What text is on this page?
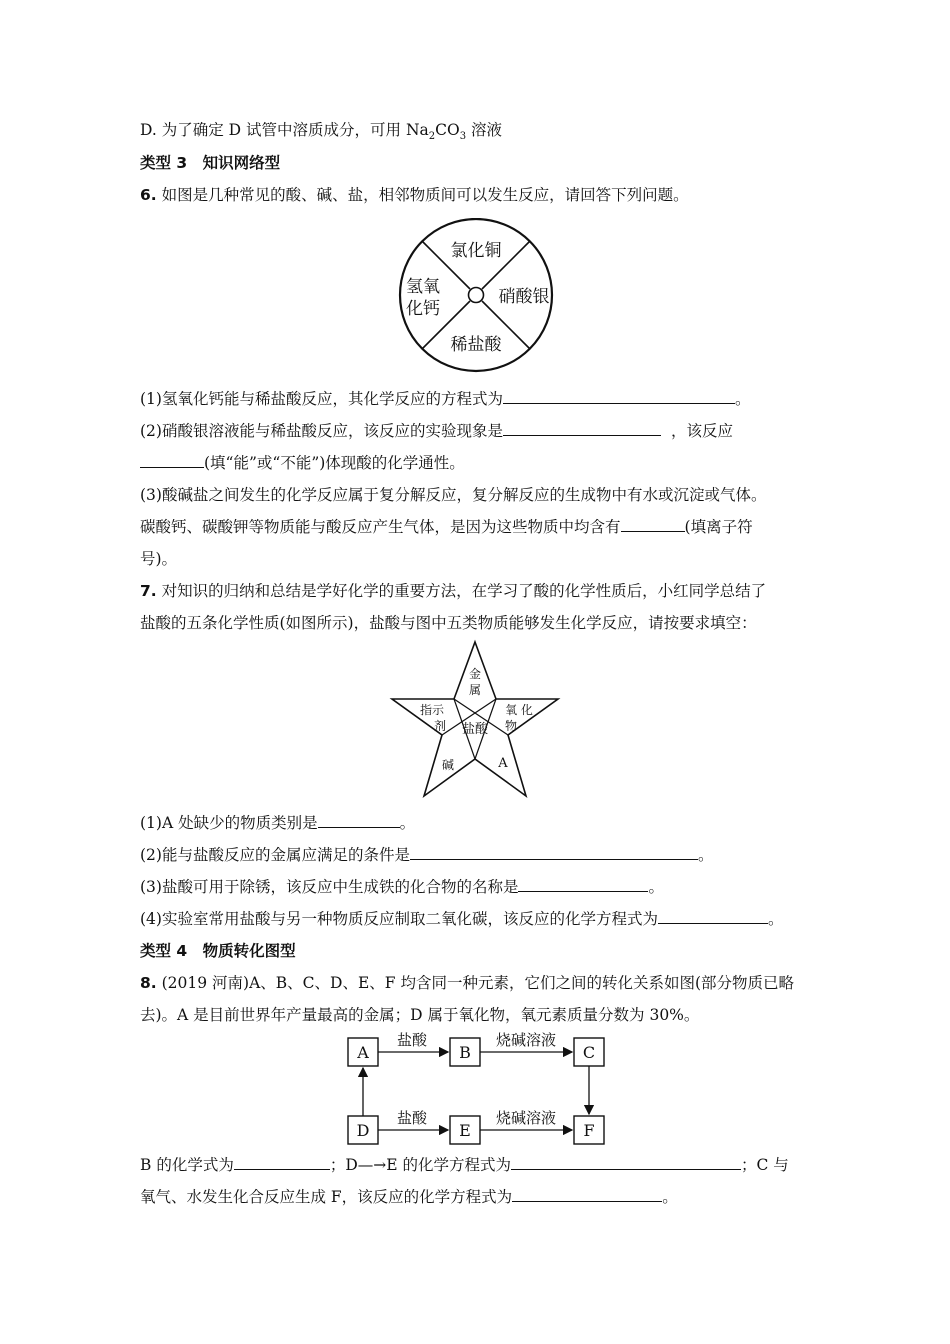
D. 为了确定 D 试管中溶质成分，可用 $Na_2CO_3$ 溶液
类型 3　知识网络型
6. 如图是几种常见的酸、碱、盐，相邻物质间可以发生反应，请回答下列问题。
氯化铜
氢氧
化钙
硝酸银
稀盐酸
(1)氢氧化钙能与稀盐酸反应，其化学反应的方程式为	。
(2)硝酸银溶液能与稀盐酸反应，该反应的实验现象是	，该反应
(填“能”或“不能”)体现酸的化学通性。
(3)酸碱盐之间发生的化学反应属于复分解反应，复分解反应的生成物中有水或沉淀或气体。
碳酸钙、碳酸钾等物质能与酸反应产生气体，是因为这些物质中均含有	(填离子符
号)。
7. 对知识的归纳和总结是学好化学的重要方法，在学习了酸的化学性质后，小红同学总结了
盐酸的五条化学性质(如图所示)，盐酸与图中五类物质能够发生化学反应，请按要求填空：
金
属
指示
剂
氧 化
物
盐酸
碱	A
(1)A 处缺少的物质类别是	。
(2)能与盐酸反应的金属应满足的条件是	。
(3)盐酸可用于除锈，该反应中生成铁的化合物的名称是	。
(4)实验室常用盐酸与另一种物质反应制取二氧化碳，该反应的化学方程式为	。
类型 4　物质转化图型
8. (2019 河南)A、B、C、D、E、F 均含同一种元素，它们之间的转化关系如图(部分物质已略
去)。A 是目前世界年产量最高的金属；D 属于氧化物，氧元素质量分数为 30%。
A	B	C
D	E	F
盐酸	烧碱溶液
盐酸	烧碱溶液
B 的化学式为	；D—→E 的化学方程式为	；C 与
氧气、水发生化合反应生成 F，该反应的化学方程式为	。
